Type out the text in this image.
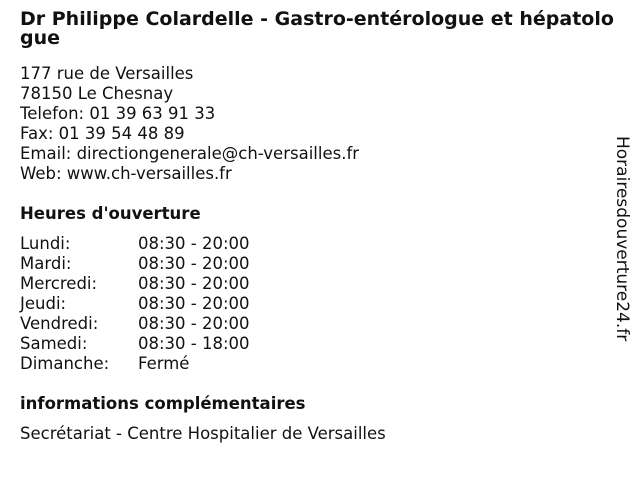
Dr Philippe Colardelle - Gastro-entérologue et hépatologue
177 rue de Versailles
78150 Le Chesnay
Telefon: 01 39 63 91 33
Fax: 01 39 54 48 89
Email: directiongenerale@ch-versailles.fr
Web: www.ch-versailles.fr
Heures d'ouverture
Lundi:	08:30 - 20:00
Mardi:	08:30 - 20:00
Mercredi:	08:30 - 20:00
Jeudi:	08:30 - 20:00
Vendredi:	08:30 - 20:00
Samedi:	08:30 - 18:00
Dimanche:	Fermé
informations complémentaires
Secrétariat - Centre Hospitalier de Versailles
Horairesdouverture24.fr
